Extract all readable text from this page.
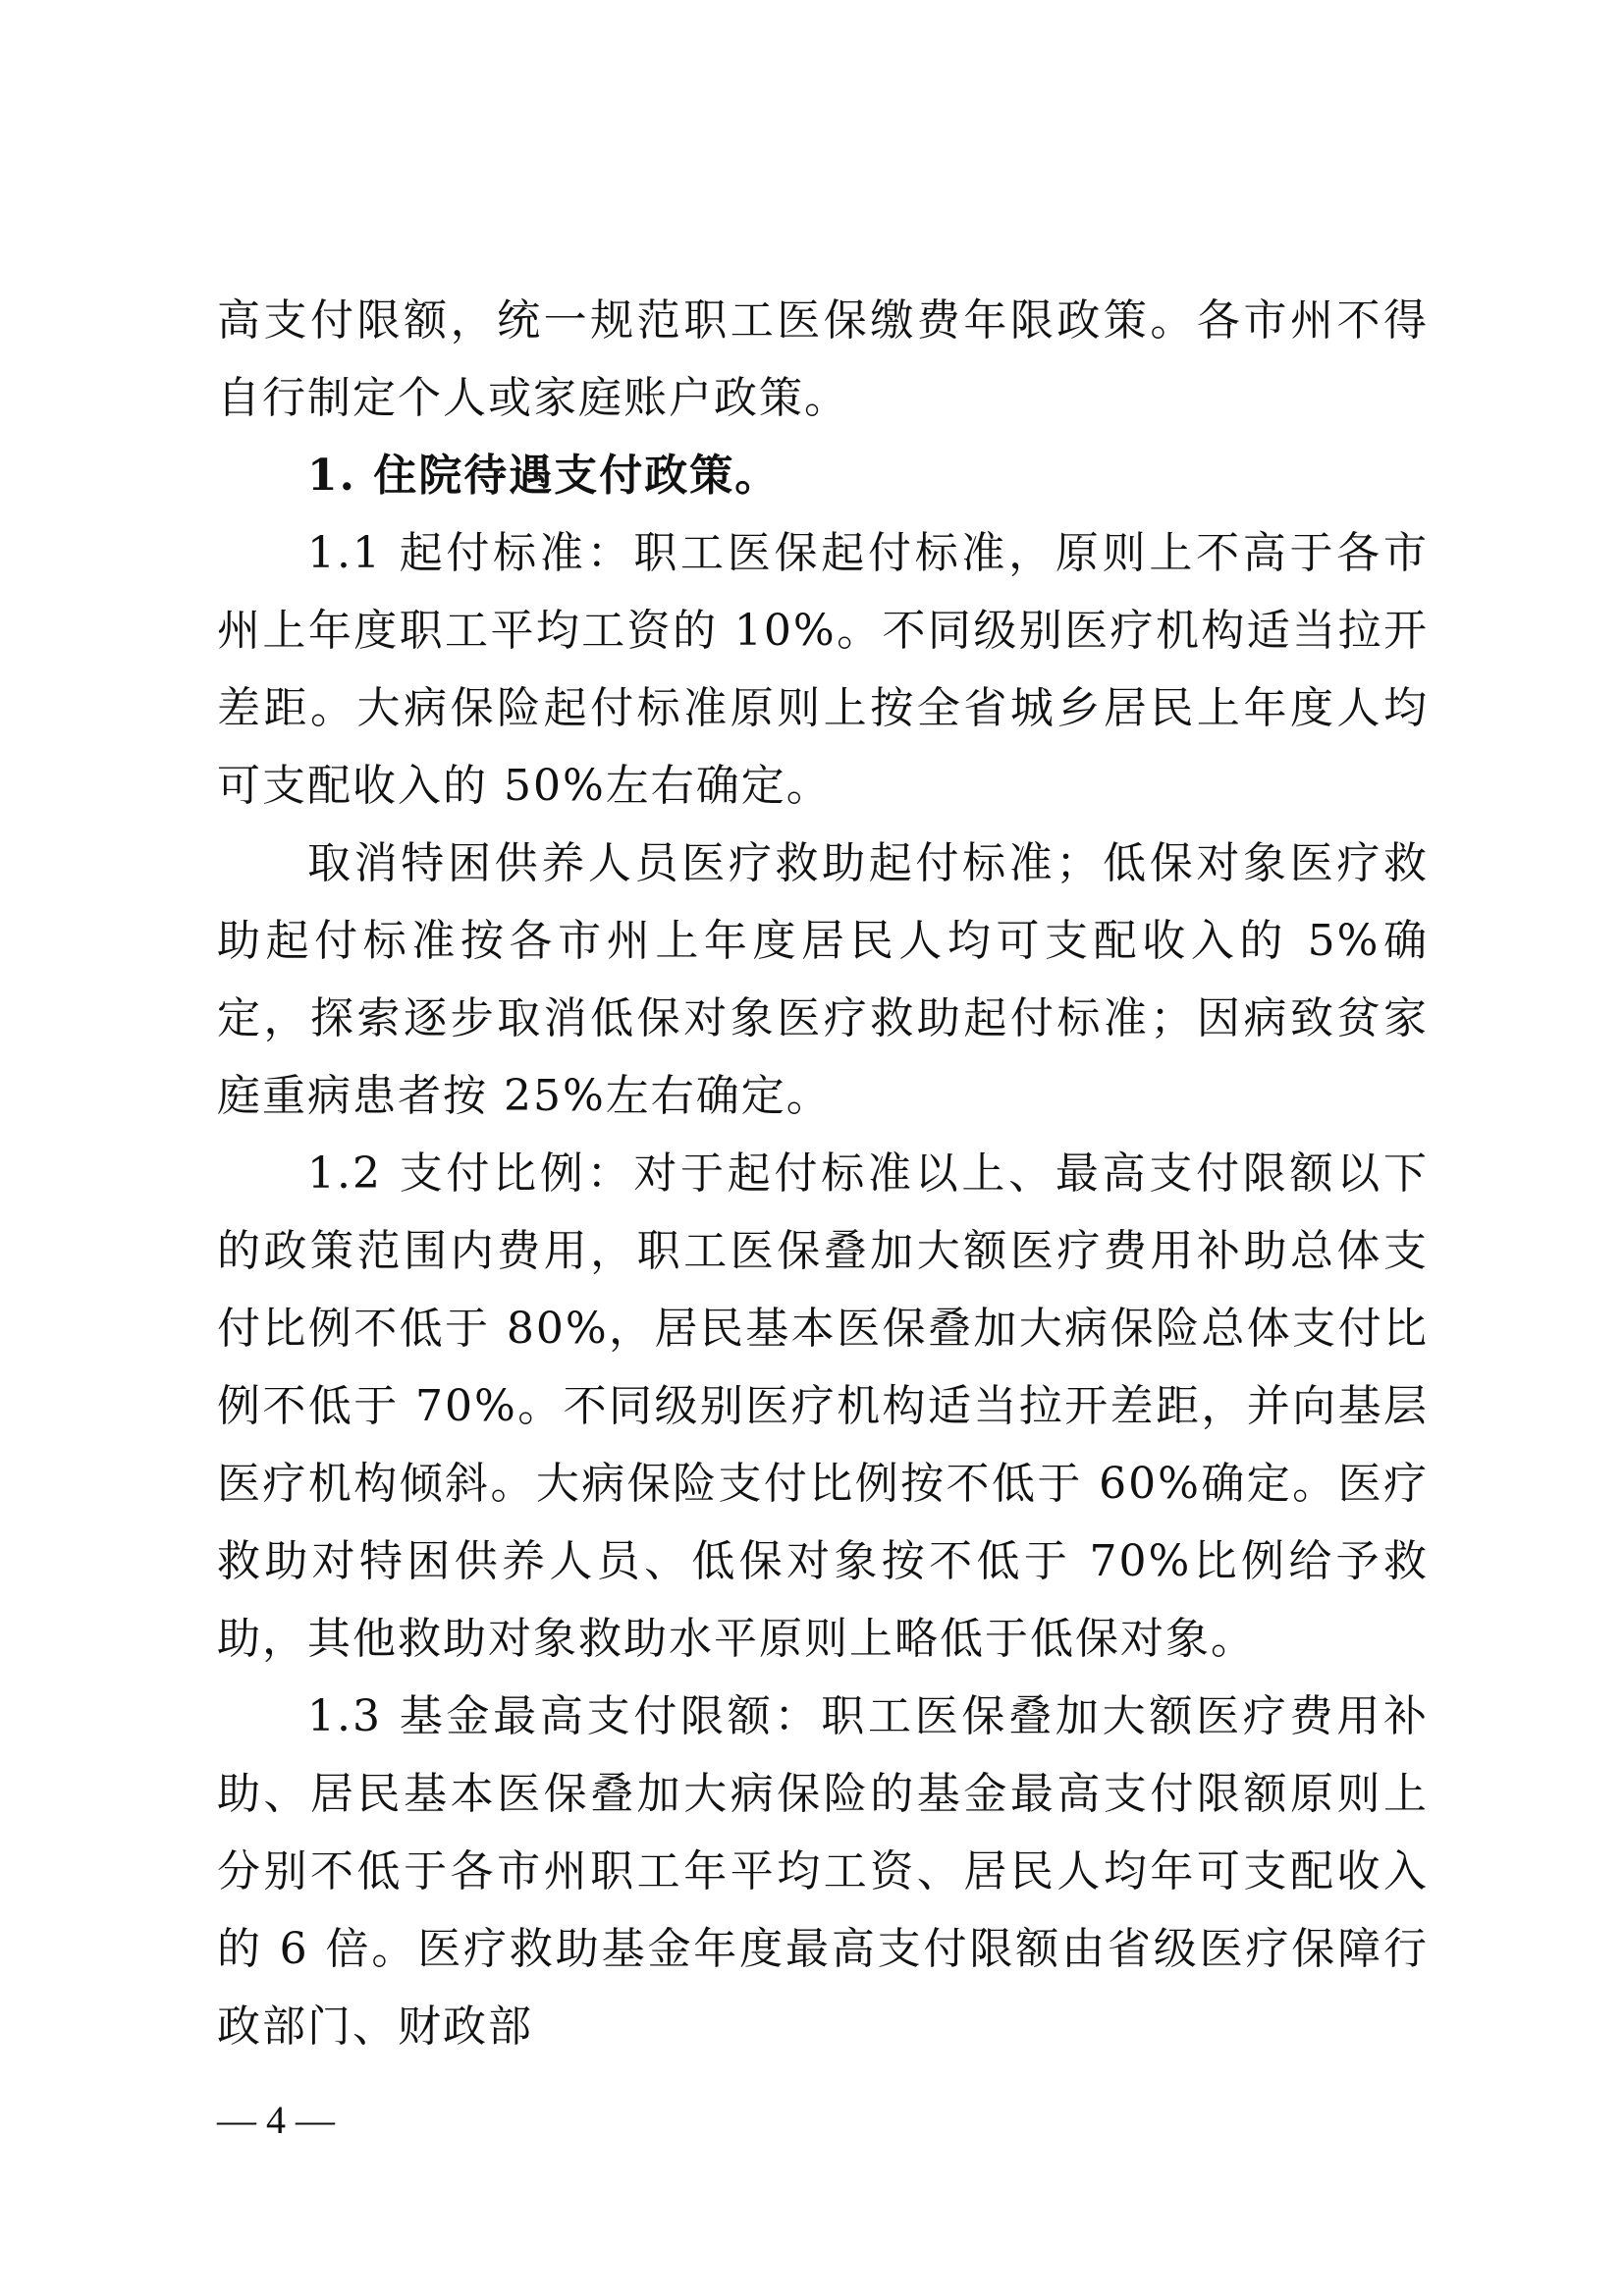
高支付限额，统一规范职工医保缴费年限政策。各市州不得自行制定个人或家庭账户政策。

1. 住院待遇支付政策。

1.1 起付标准：职工医保起付标准，原则上不高于各市州上年度职工平均工资的 10%。不同级别医疗机构适当拉开差距。大病保险起付标准原则上按全省城乡居民上年度人均可支配收入的 50%左右确定。

取消特困供养人员医疗救助起付标准；低保对象医疗救助起付标准按各市州上年度居民人均可支配收入的 5%确定，探索逐步取消低保对象医疗救助起付标准；因病致贫家庭重病患者按 25%左右确定。

1.2 支付比例：对于起付标准以上、最高支付限额以下的政策范围内费用，职工医保叠加大额医疗费用补助总体支付比例不低于 80%，居民基本医保叠加大病保险总体支付比例不低于 70%。不同级别医疗机构适当拉开差距，并向基层医疗机构倾斜。大病保险支付比例按不低于 60%确定。医疗救助对特困供养人员、低保对象按不低于 70%比例给予救助，其他救助对象救助水平原则上略低于低保对象。

1.3 基金最高支付限额：职工医保叠加大额医疗费用补助、居民基本医保叠加大病保险的基金最高支付限额原则上分别不低于各市州职工年平均工资、居民人均年可支配收入的 6 倍。医疗救助基金年度最高支付限额由省级医疗保障行政部门、财政部

— 4 —
